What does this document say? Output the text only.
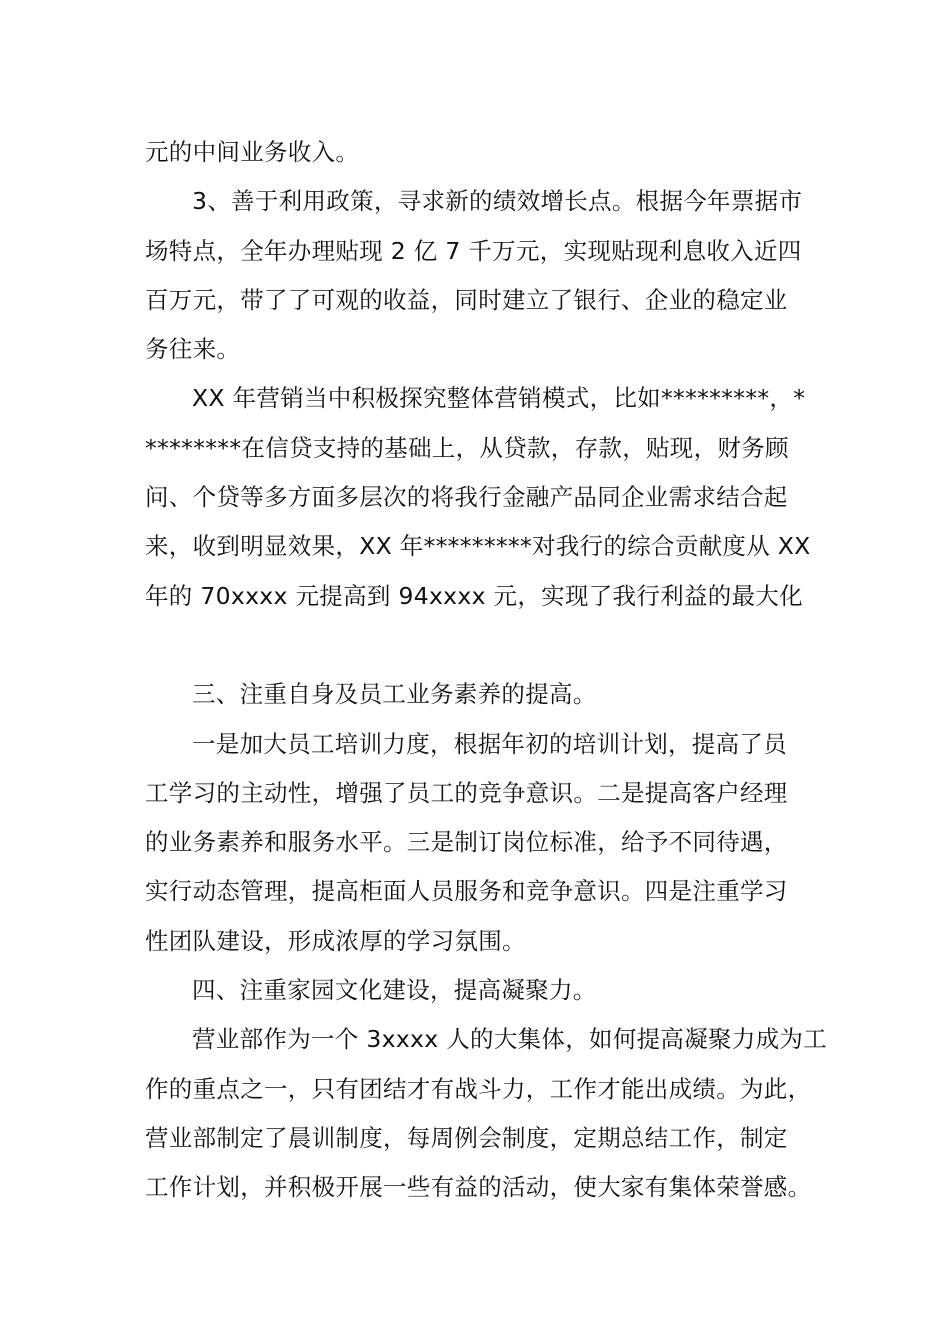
元的中间业务收入。
3、善于利用政策，寻求新的绩效增长点。根据今年票据市
场特点，全年办理贴现 2 亿 7 千万元，实现贴现利息收入近四
百万元，带了了可观的收益，同时建立了银行、企业的稳定业
务往来。
XX 年营销当中积极探究整体营销模式，比如*********，*
********在信贷支持的基础上，从贷款，存款，贴现，财务顾
问、个贷等多方面多层次的将我行金融产品同企业需求结合起
来，收到明显效果，XX 年*********对我行的综合贡献度从 XX
年的 70xxxx 元提高到 94xxxx 元，实现了我行利益的最大化
三、注重自身及员工业务素养的提高。
一是加大员工培训力度，根据年初的培训计划，提高了员
工学习的主动性，增强了员工的竞争意识。二是提高客户经理
的业务素养和服务水平。三是制订岗位标准，给予不同待遇，
实行动态管理，提高柜面人员服务和竞争意识。四是注重学习
性团队建设，形成浓厚的学习氛围。
四、注重家园文化建设，提高凝聚力。
营业部作为一个 3xxxx 人的大集体，如何提高凝聚力成为工
作的重点之一，只有团结才有战斗力，工作才能出成绩。为此，
营业部制定了晨训制度，每周例会制度，定期总结工作，制定
工作计划，并积极开展一些有益的活动，使大家有集体荣誉感。
